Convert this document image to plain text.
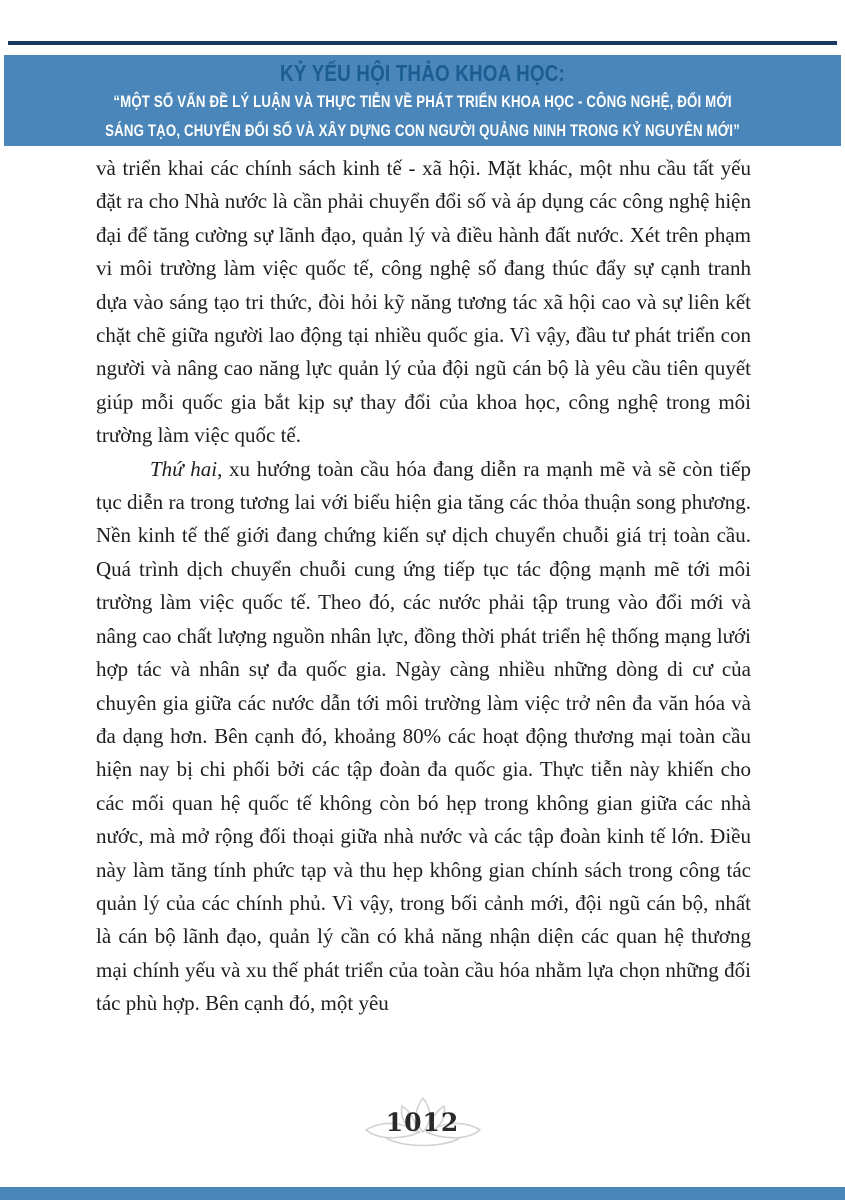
KỶ YẾU HỘI THẢO KHOA HỌC:
“MỘT SỐ VẤN ĐỀ LÝ LUẬN VÀ THỰC TIỄN VỀ PHÁT TRIỂN KHOA HỌC - CÔNG NGHỆ, ĐỔI MỚI
SÁNG TẠO, CHUYỂN ĐỔI SỐ VÀ XÂY DỰNG CON NGƯỜI QUẢNG NINH TRONG KỶ NGUYÊN MỚI”

và triển khai các chính sách kinh tế - xã hội. Mặt khác, một nhu cầu tất yếu đặt ra cho Nhà nước là cần phải chuyển đổi số và áp dụng các công nghệ hiện đại để tăng cường sự lãnh đạo, quản lý và điều hành đất nước. Xét trên phạm vi môi trường làm việc quốc tế, công nghệ số đang thúc đẩy sự cạnh tranh dựa vào sáng tạo tri thức, đòi hỏi kỹ năng tương tác xã hội cao và sự liên kết chặt chẽ giữa người lao động tại nhiều quốc gia. Vì vậy, đầu tư phát triển con người và nâng cao năng lực quản lý của đội ngũ cán bộ là yêu cầu tiên quyết giúp mỗi quốc gia bắt kịp sự thay đổi của khoa học, công nghệ trong môi trường làm việc quốc tế.

Thứ hai, xu hướng toàn cầu hóa đang diễn ra mạnh mẽ và sẽ còn tiếp tục diễn ra trong tương lai với biểu hiện gia tăng các thỏa thuận song phương. Nền kinh tế thế giới đang chứng kiến sự dịch chuyển chuỗi giá trị toàn cầu. Quá trình dịch chuyển chuỗi cung ứng tiếp tục tác động mạnh mẽ tới môi trường làm việc quốc tế. Theo đó, các nước phải tập trung vào đổi mới và nâng cao chất lượng nguồn nhân lực, đồng thời phát triển hệ thống mạng lưới hợp tác và nhân sự đa quốc gia. Ngày càng nhiều những dòng di cư của chuyên gia giữa các nước dẫn tới môi trường làm việc trở nên đa văn hóa và đa dạng hơn. Bên cạnh đó, khoảng 80% các hoạt động thương mại toàn cầu hiện nay bị chi phối bởi các tập đoàn đa quốc gia. Thực tiễn này khiến cho các mối quan hệ quốc tế không còn bó hẹp trong không gian giữa các nhà nước, mà mở rộng đối thoại giữa nhà nước và các tập đoàn kinh tế lớn. Điều này làm tăng tính phức tạp và thu hẹp không gian chính sách trong công tác quản lý của các chính phủ. Vì vậy, trong bối cảnh mới, đội ngũ cán bộ, nhất là cán bộ lãnh đạo, quản lý cần có khả năng nhận diện các quan hệ thương mại chính yếu và xu thế phát triển của toàn cầu hóa nhằm lựa chọn những đối tác phù hợp. Bên cạnh đó, một yêu

1012
